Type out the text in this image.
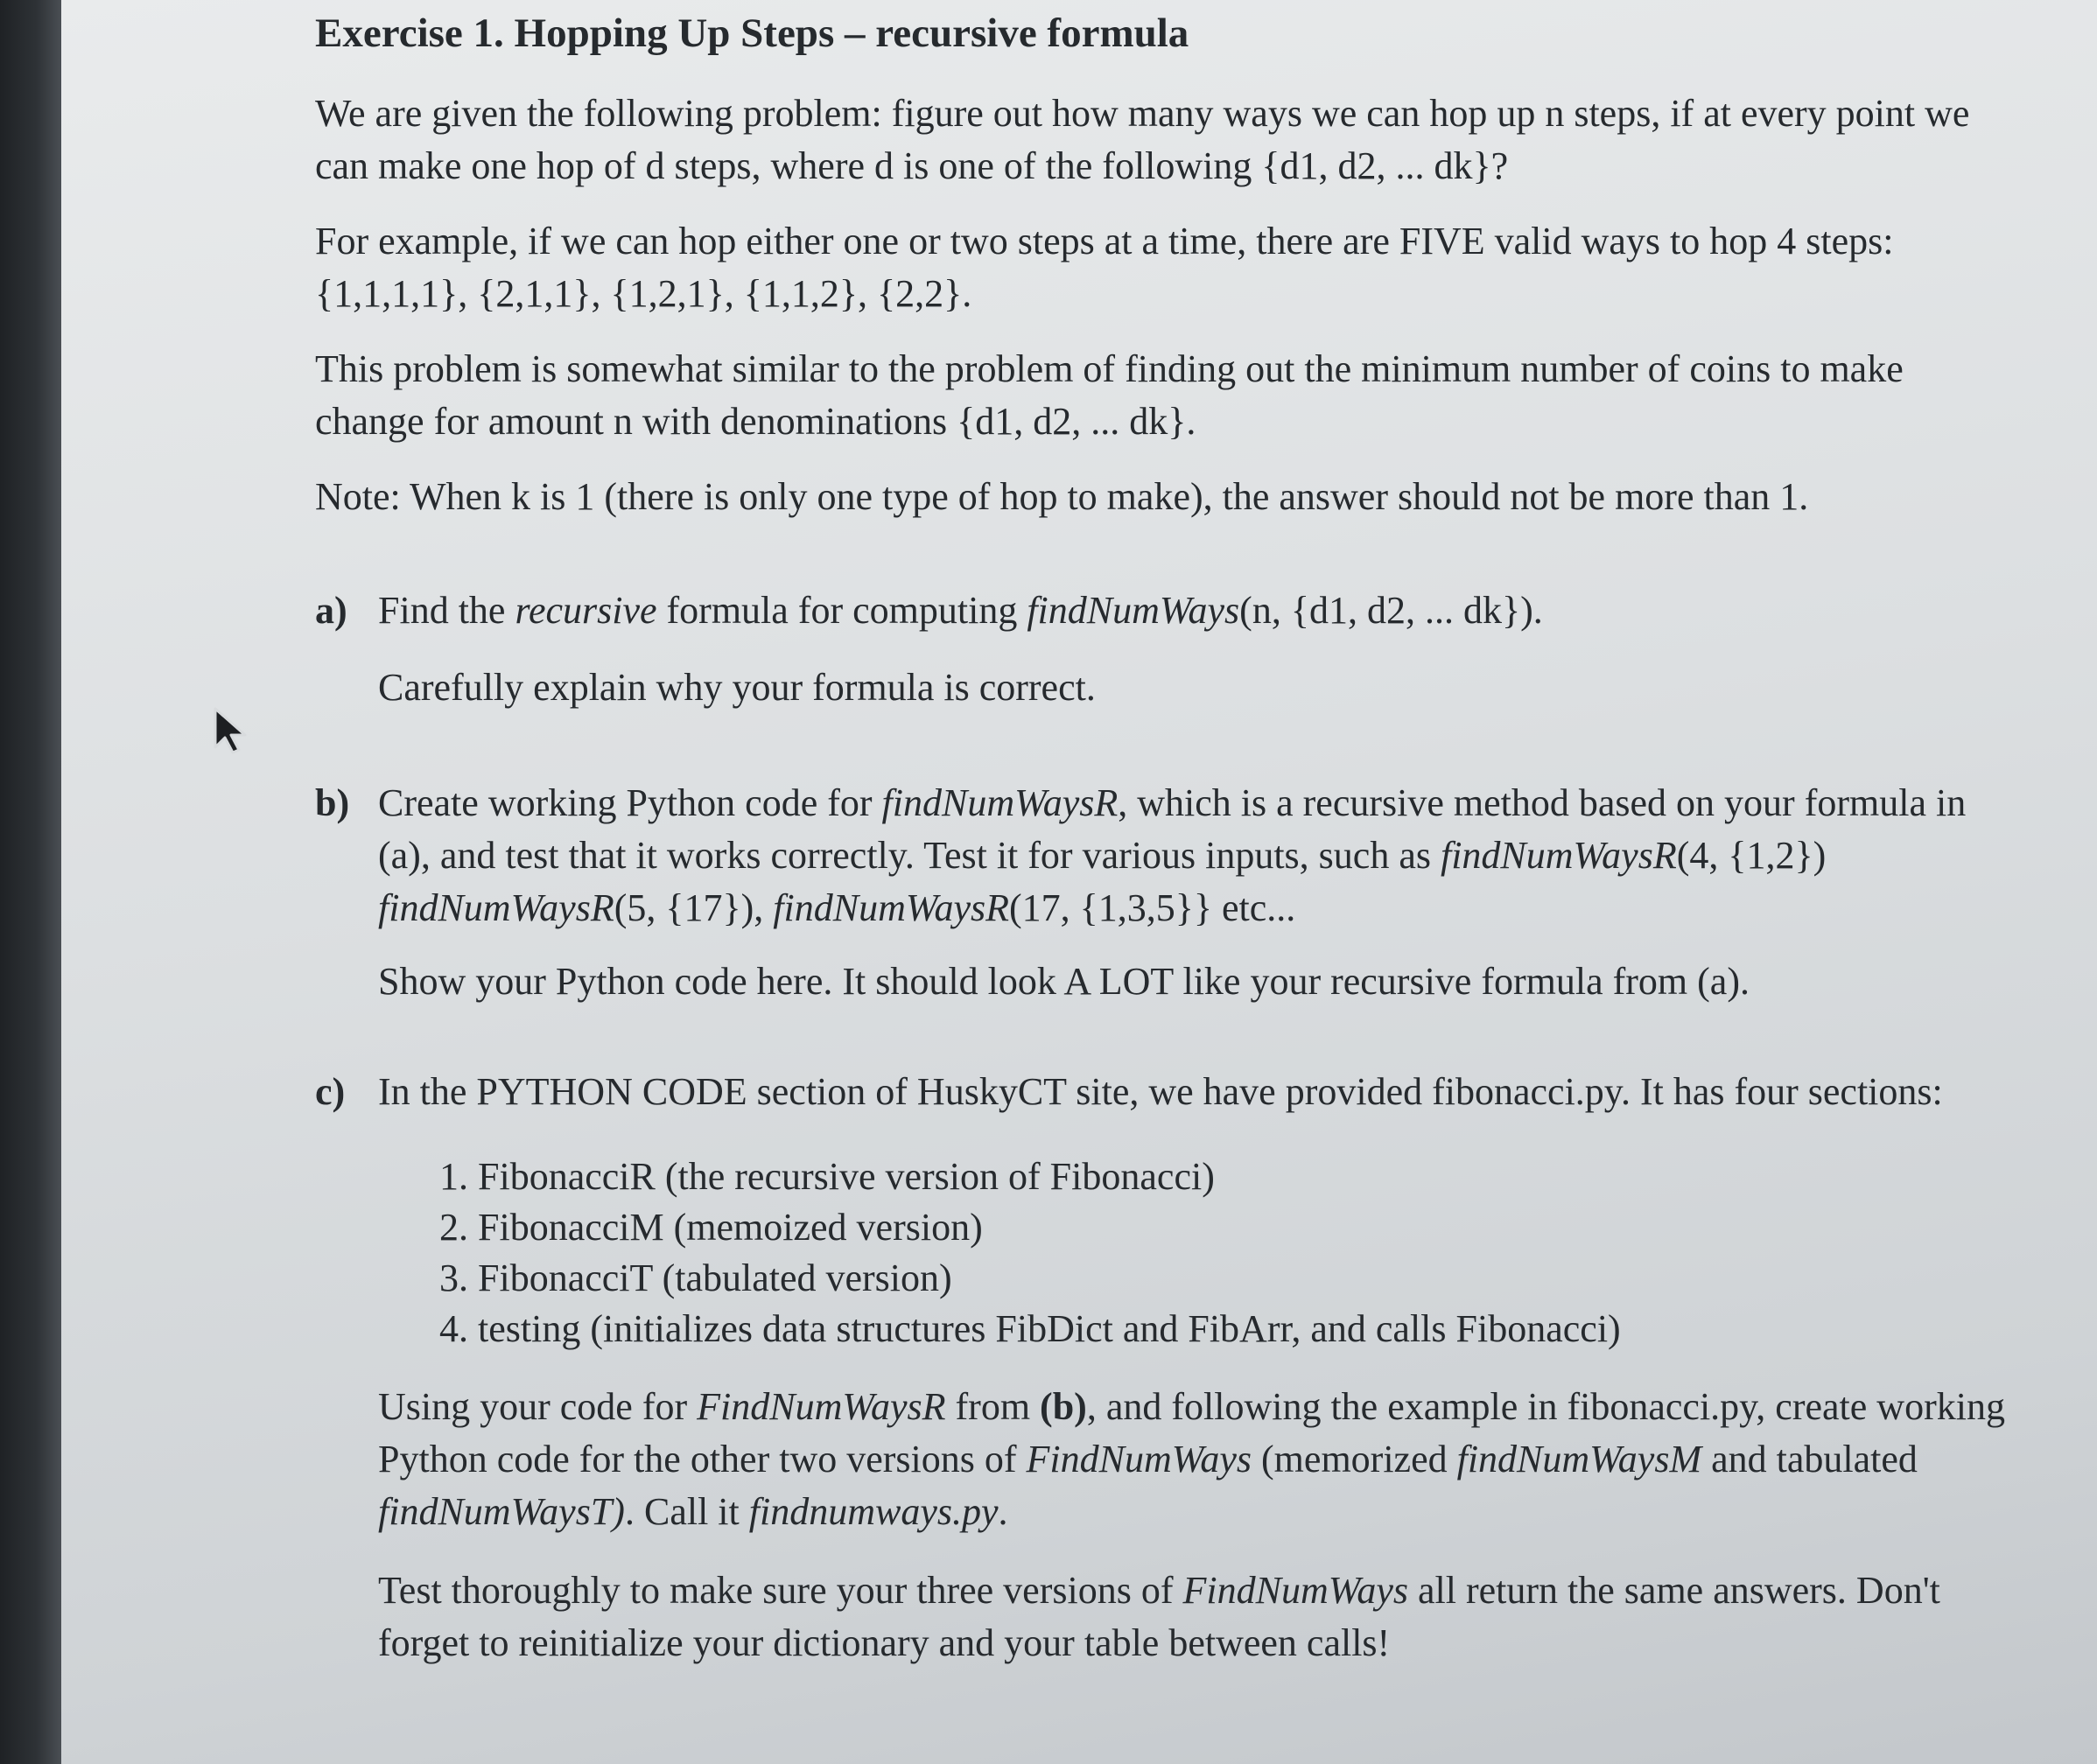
Exercise 1. Hopping Up Steps – recursive formula

We are given the following problem: figure out how many ways we can hop up n steps, if at every point we can make one hop of d steps, where d is one of the following {d1, d2, ... dk}?

For example, if we can hop either one or two steps at a time, there are FIVE valid ways to hop 4 steps: {1,1,1,1}, {2,1,1}, {1,2,1}, {1,1,2}, {2,2}.

This problem is somewhat similar to the problem of finding out the minimum number of coins to make change for amount n with denominations {d1, d2, ... dk}.

Note: When k is 1 (there is only one type of hop to make), the answer should not be more than 1.

a) Find the recursive formula for computing findNumWays(n, {d1, d2, ... dk}).

Carefully explain why your formula is correct.

b) Create working Python code for findNumWaysR, which is a recursive method based on your formula in (a), and test that it works correctly. Test it for various inputs, such as findNumWaysR(4, {1,2}) findNumWaysR(5, {17}), findNumWaysR(17, {1,3,5}} etc...

Show your Python code here. It should look A LOT like your recursive formula from (a).

c) In the PYTHON CODE section of HuskyCT site, we have provided fibonacci.py. It has four sections:

1. FibonacciR (the recursive version of Fibonacci)
2. FibonacciM (memoized version)
3. FibonacciT (tabulated version)
4. testing (initializes data structures FibDict and FibArr, and calls Fibonacci)

Using your code for FindNumWaysR from (b), and following the example in fibonacci.py, create working Python code for the other two versions of FindNumWays (memorized findNumWaysM and tabulated findNumWaysT). Call it findnumways.py.

Test thoroughly to make sure your three versions of FindNumWays all return the same answers. Don't forget to reinitialize your dictionary and your table between calls!
